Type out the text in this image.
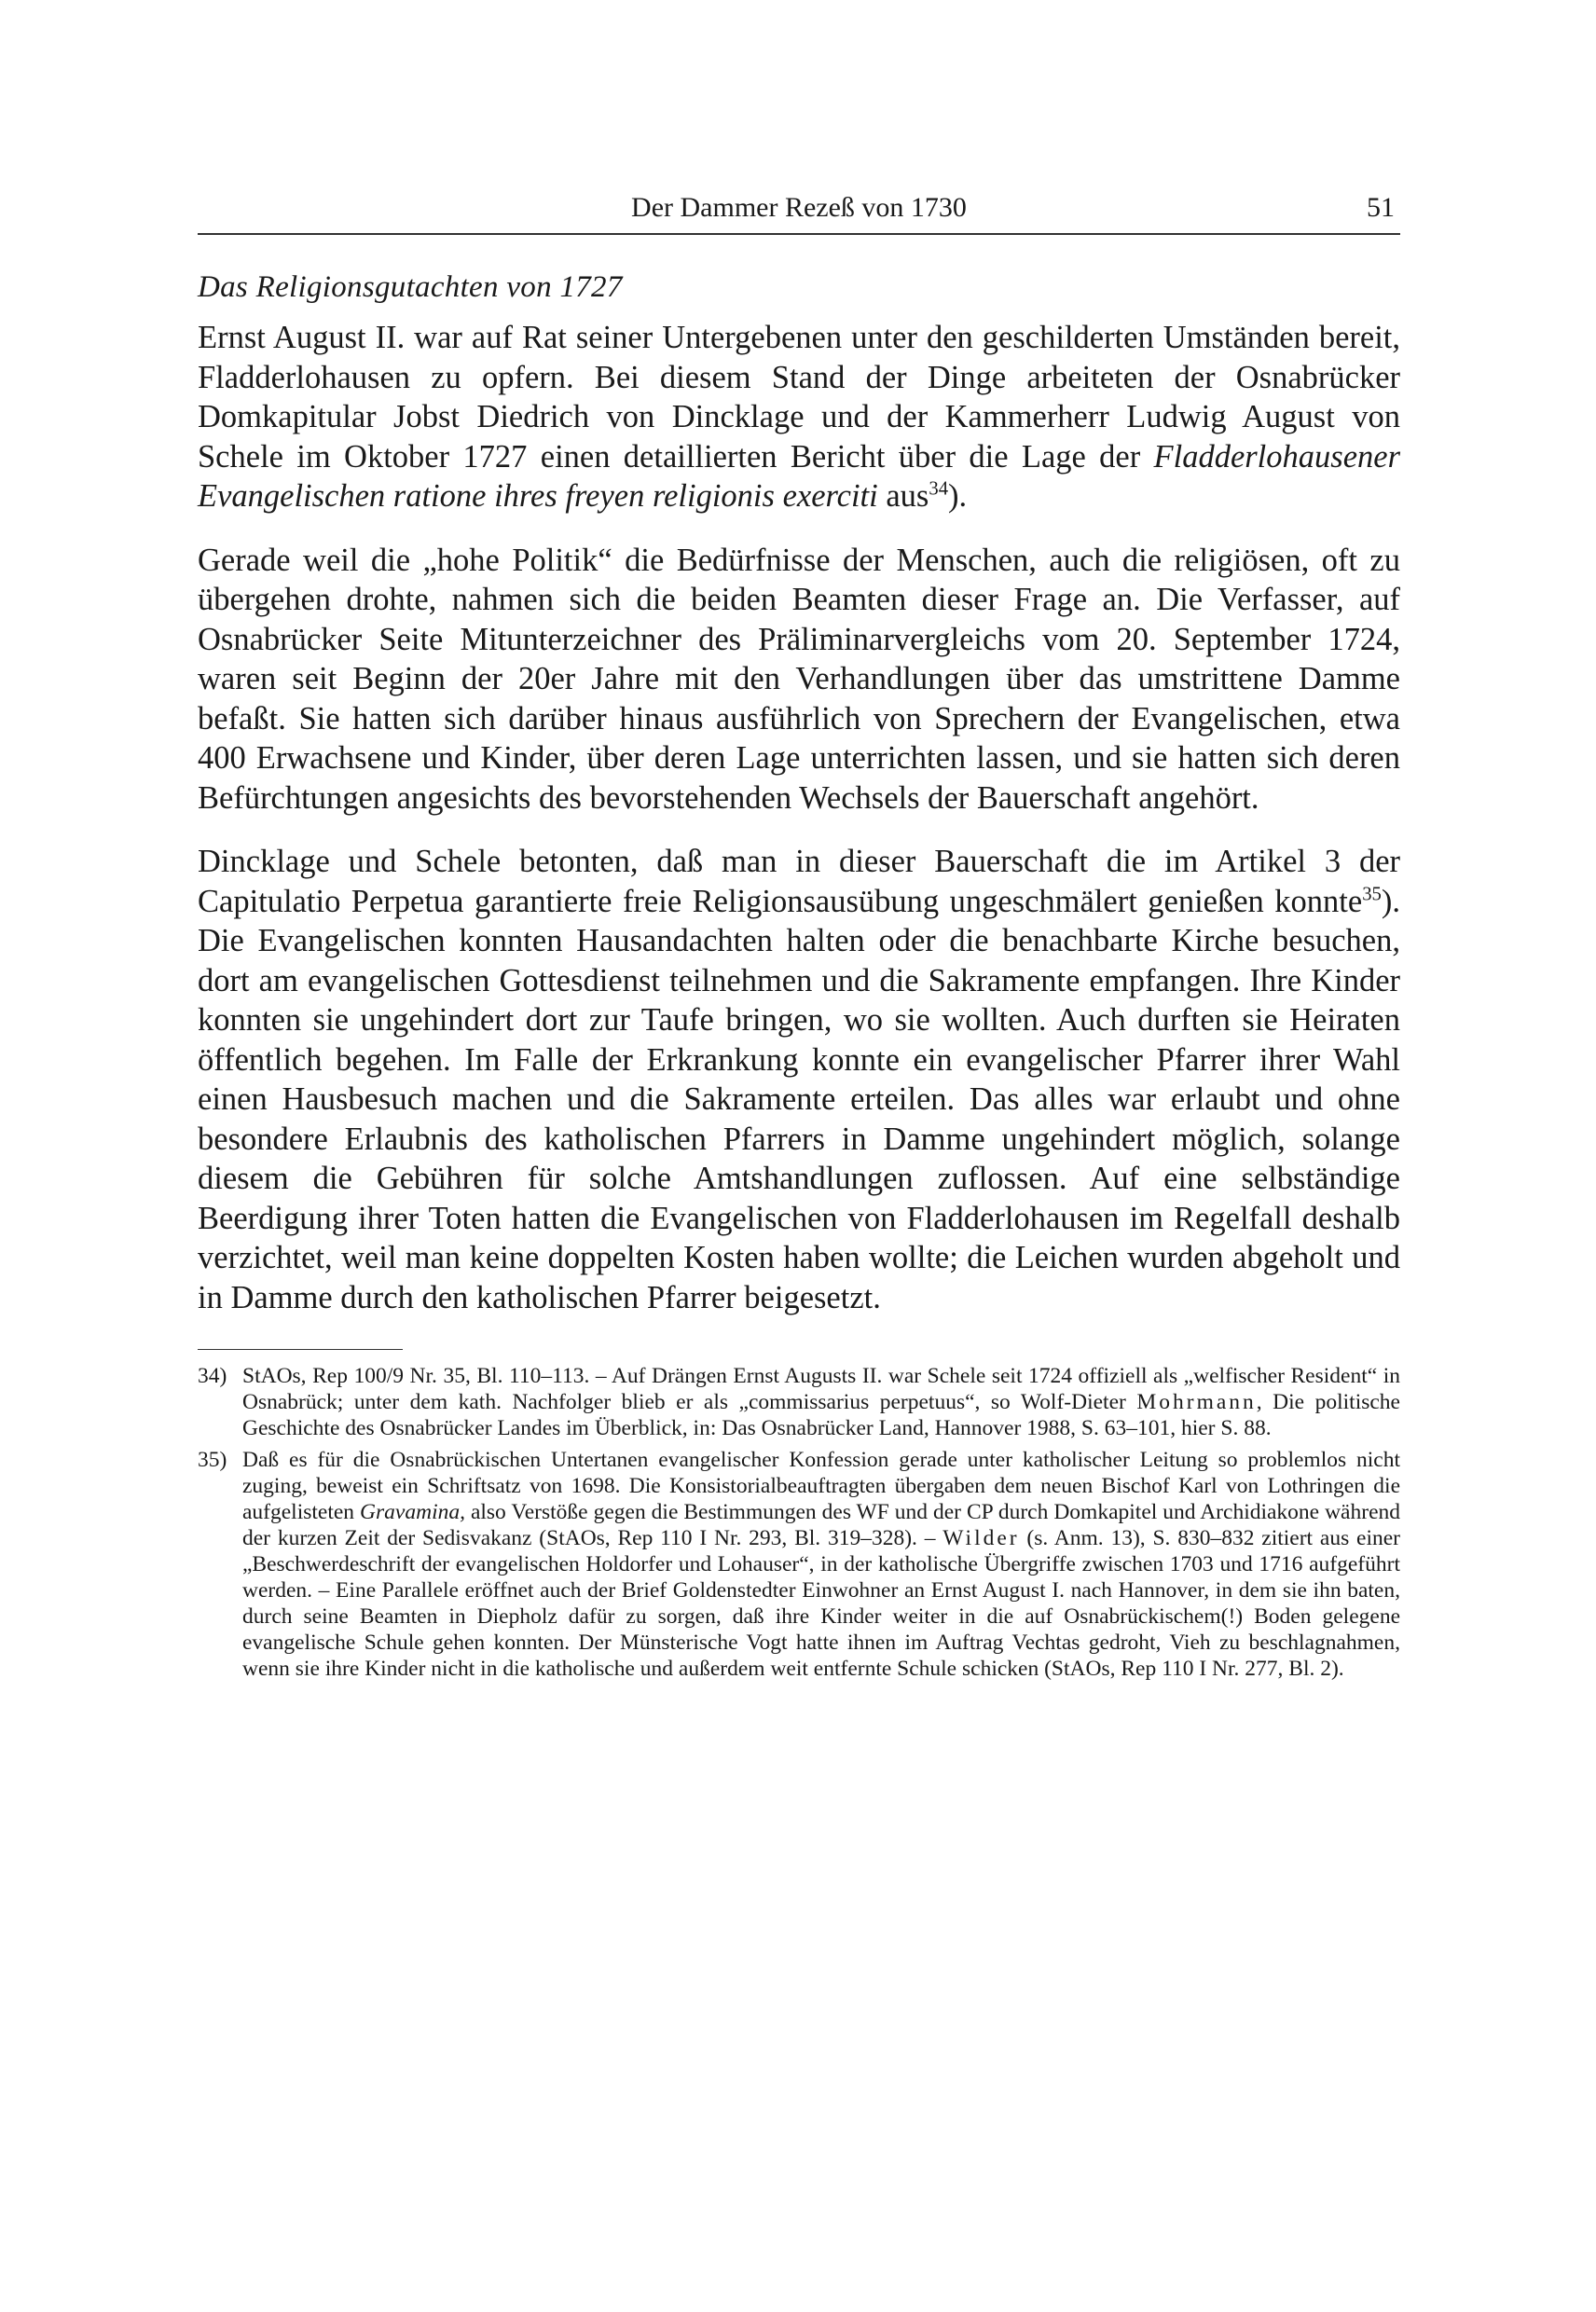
Der Dammer Rezeß von 1730	51
Das Religionsgutachten von 1727

Ernst August II. war auf Rat seiner Untergebenen unter den geschilderten Umständen bereit, Fladderlohausen zu opfern. Bei diesem Stand der Dinge arbeiteten der Osnabrücker Domkapitular Jobst Diedrich von Dincklage und der Kammerherr Ludwig August von Schele im Oktober 1727 einen detaillierten Bericht über die Lage der Fladderlohausener Evangelischen ratione ihres freyen religionis exerciti aus$^{34}$).

Gerade weil die „hohe Politik“ die Bedürfnisse der Menschen, auch die religiösen, oft zu übergehen drohte, nahmen sich die beiden Beamten dieser Frage an. Die Verfasser, auf Osnabrücker Seite Mitunterzeichner des Präliminarvergleichs vom 20. September 1724, waren seit Beginn der 20er Jahre mit den Verhandlungen über das umstrittene Damme befaßt. Sie hatten sich darüber hinaus ausführlich von Sprechern der Evangelischen, etwa 400 Erwachsene und Kinder, über deren Lage unterrichten lassen, und sie hatten sich deren Befürchtungen angesichts des bevorstehenden Wechsels der Bauerschaft angehört.

Dincklage und Schele betonten, daß man in dieser Bauerschaft die im Artikel 3 der Capitulatio Perpetua garantierte freie Religionsausübung ungeschmälert genießen konnte$^{35}$). Die Evangelischen konnten Hausandachten halten oder die benachbarte Kirche besuchen, dort am evangelischen Gottesdienst teilnehmen und die Sakramente empfangen. Ihre Kinder konnten sie ungehindert dort zur Taufe bringen, wo sie wollten. Auch durften sie Heiraten öffentlich begehen. Im Falle der Erkrankung konnte ein evangelischer Pfarrer ihrer Wahl einen Hausbesuch machen und die Sakramente erteilen. Das alles war erlaubt und ohne besondere Erlaubnis des katholischen Pfarrers in Damme ungehindert möglich, solange diesem die Gebühren für solche Amtshandlungen zuflossen. Auf eine selbständige Beerdigung ihrer Toten hatten die Evangelischen von Fladderlohausen im Regelfall deshalb verzichtet, weil man keine doppelten Kosten haben wollte; die Leichen wurden abgeholt und in Damme durch den katholischen Pfarrer beigesetzt.

34) StAOs, Rep 100/9 Nr. 35, Bl. 110–113. – Auf Drängen Ernst Augusts II. war Schele seit 1724 offiziell als „welfischer Resident“ in Osnabrück; unter dem kath. Nachfolger blieb er als „commissarius perpetuus“, so Wolf-Dieter Mohrmann, Die politische Geschichte des Osnabrücker Landes im Überblick, in: Das Osnabrücker Land, Hannover 1988, S. 63–101, hier S. 88.
35) Daß es für die Osnabrückischen Untertanen evangelischer Konfession gerade unter katholischer Leitung so problemlos nicht zuging, beweist ein Schriftsatz von 1698. Die Konsistorialbeauftragten übergaben dem neuen Bischof Karl von Lothringen die aufgelisteten Gravamina, also Verstöße gegen die Bestimmungen des WF und der CP durch Domkapitel und Archidiakone während der kurzen Zeit der Sedisvakanz (StAOs, Rep 110 I Nr. 293, Bl. 319–328). – Wilder (s. Anm. 13), S. 830–832 zitiert aus einer „Beschwerdeschrift der evangelischen Holdorfer und Lohauser“, in der katholische Übergriffe zwischen 1703 und 1716 aufgeführt werden. – Eine Parallele eröffnet auch der Brief Goldenstedter Einwohner an Ernst August I. nach Hannover, in dem sie ihn baten, durch seine Beamten in Diepholz dafür zu sorgen, daß ihre Kinder weiter in die auf Osnabrückischem(!) Boden gelegene evangelische Schule gehen konnten. Der Münsterische Vogt hatte ihnen im Auftrag Vechtas gedroht, Vieh zu beschlagnahmen, wenn sie ihre Kinder nicht in die katholische und außerdem weit entfernte Schule schicken (StAOs, Rep 110 I Nr. 277, Bl. 2).
